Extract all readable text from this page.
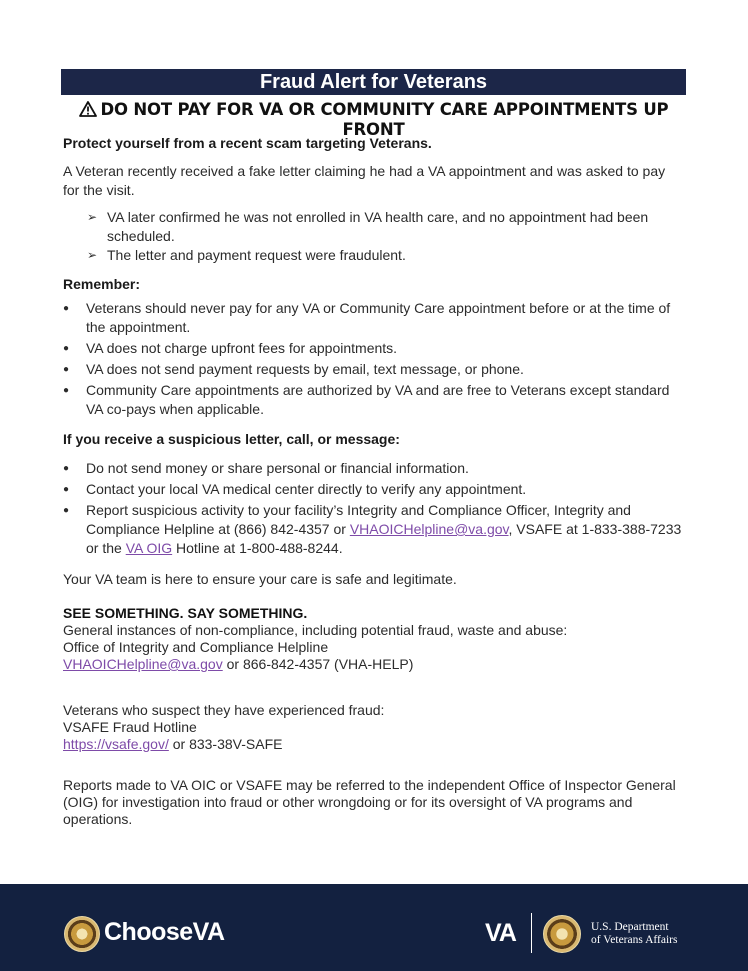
Fraud Alert for Veterans
DO NOT PAY FOR VA OR COMMUNITY CARE APPOINTMENTS UP FRONT
Protect yourself from a recent scam targeting Veterans.
A Veteran recently received a fake letter claiming he had a VA appointment and was asked to pay for the visit.
➢ VA later confirmed he was not enrolled in VA health care, and no appointment had been scheduled.
➢ The letter and payment request were fraudulent.
Remember:
● Veterans should never pay for any VA or Community Care appointment before or at the time of the appointment.
● VA does not charge upfront fees for appointments.
● VA does not send payment requests by email, text message, or phone.
● Community Care appointments are authorized by VA and are free to Veterans except standard VA co-pays when applicable.
If you receive a suspicious letter, call, or message:
● Do not send money or share personal or financial information.
● Contact your local VA medical center directly to verify any appointment.
● Report suspicious activity to your facility’s Integrity and Compliance Officer, Integrity and Compliance Helpline at (866) 842-4357 or VHAOICHelpline@va.gov, VSAFE at 1-833-388-7233 or the VA OIG Hotline at 1-800-488-8244.
Your VA team is here to ensure your care is safe and legitimate.
SEE SOMETHING. SAY SOMETHING.
General instances of non-compliance, including potential fraud, waste and abuse:
Office of Integrity and Compliance Helpline
VHAOICHelpline@va.gov or 866-842-4357 (VHA-HELP)
Veterans who suspect they have experienced fraud:
VSAFE Fraud Hotline
https://vsafe.gov/ or 833-38V-SAFE
Reports made to VA OIC or VSAFE may be referred to the independent Office of Inspector General (OIG) for investigation into fraud or other wrongdoing or for its oversight of VA programs and operations.
ChooseVA	VA	U.S. Department
of Veterans Affairs
